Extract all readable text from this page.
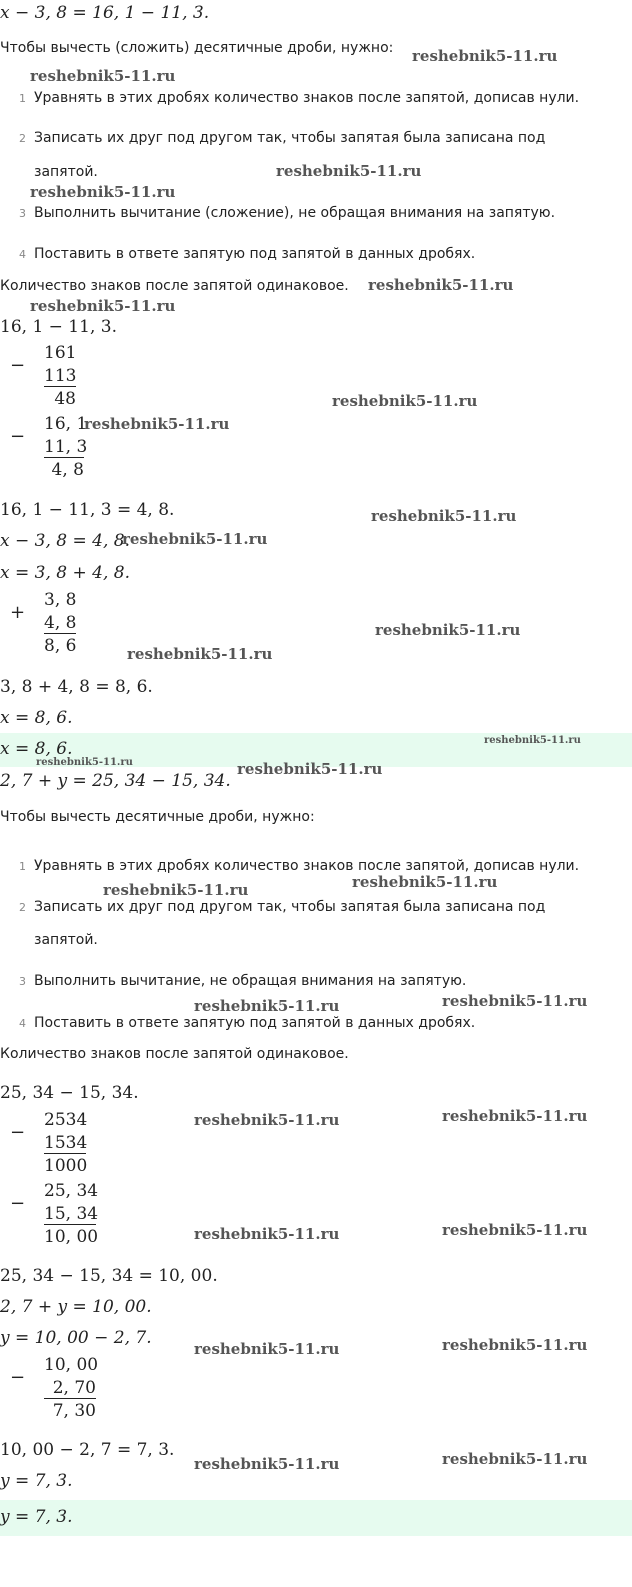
x − 3, 8 = 16, 1 − 11, 3.
Чтобы вычесть (сложить) десятичные дроби, нужно:
1 Уравнять в этих дробях количество знаков после запятой, дописав нули.
2 Записать их друг под другом так, чтобы запятая была записана под
запятой.
3 Выполнить вычитание (сложение), не обращая внимания на запятую.
4 Поставить в ответе запятую под запятой в данных дробях.
Количество знаков после запятой одинаковое.
16, 1 − 11, 3.
−
161
113
48
−
16, 1
11, 3
4, 8
16, 1 − 11, 3 = 4, 8.
x − 3, 8 = 4, 8.
x = 3, 8 + 4, 8.
+
3, 8
4, 8
8, 6
3, 8 + 4, 8 = 8, 6.
x = 8, 6.
x = 8, 6.
2, 7 + y = 25, 34 − 15, 34.
Чтобы вычесть десятичные дроби, нужно:
1 Уравнять в этих дробях количество знаков после запятой, дописав нули.
2 Записать их друг под другом так, чтобы запятая была записана под
запятой.
3 Выполнить вычитание, не обращая внимания на запятую.
4 Поставить в ответе запятую под запятой в данных дробях.
Количество знаков после запятой одинаковое.
25, 34 − 15, 34.
−
2534
1534
1000
−
25, 34
15, 34
10, 00
25, 34 − 15, 34 = 10, 00.
2, 7 + y = 10, 00.
y = 10, 00 − 2, 7.
−
10, 00
2, 70
7, 30
10, 00 − 2, 7 = 7, 3.
y = 7, 3.
y = 7, 3.
reshebnik5-11.ru
reshebnik5-11.ru
reshebnik5-11.ru
reshebnik5-11.ru
reshebnik5-11.ru
reshebnik5-11.ru
reshebnik5-11.ru
reshebnik5-11.ru
reshebnik5-11.ru
reshebnik5-11.ru
reshebnik5-11.ru
reshebnik5-11.ru
reshebnik5-11.ru
reshebnik5-11.ru	reshebnik5-11.ru
reshebnik5-11.ru
reshebnik5-11.ru
reshebnik5-11.ru
reshebnik5-11.ru
reshebnik5-11.ru
reshebnik5-11.ru
reshebnik5-11.ru
reshebnik5-11.ru
reshebnik5-11.ru
reshebnik5-11.ru
reshebnik5-11.ru
reshebnik5-11.ru
